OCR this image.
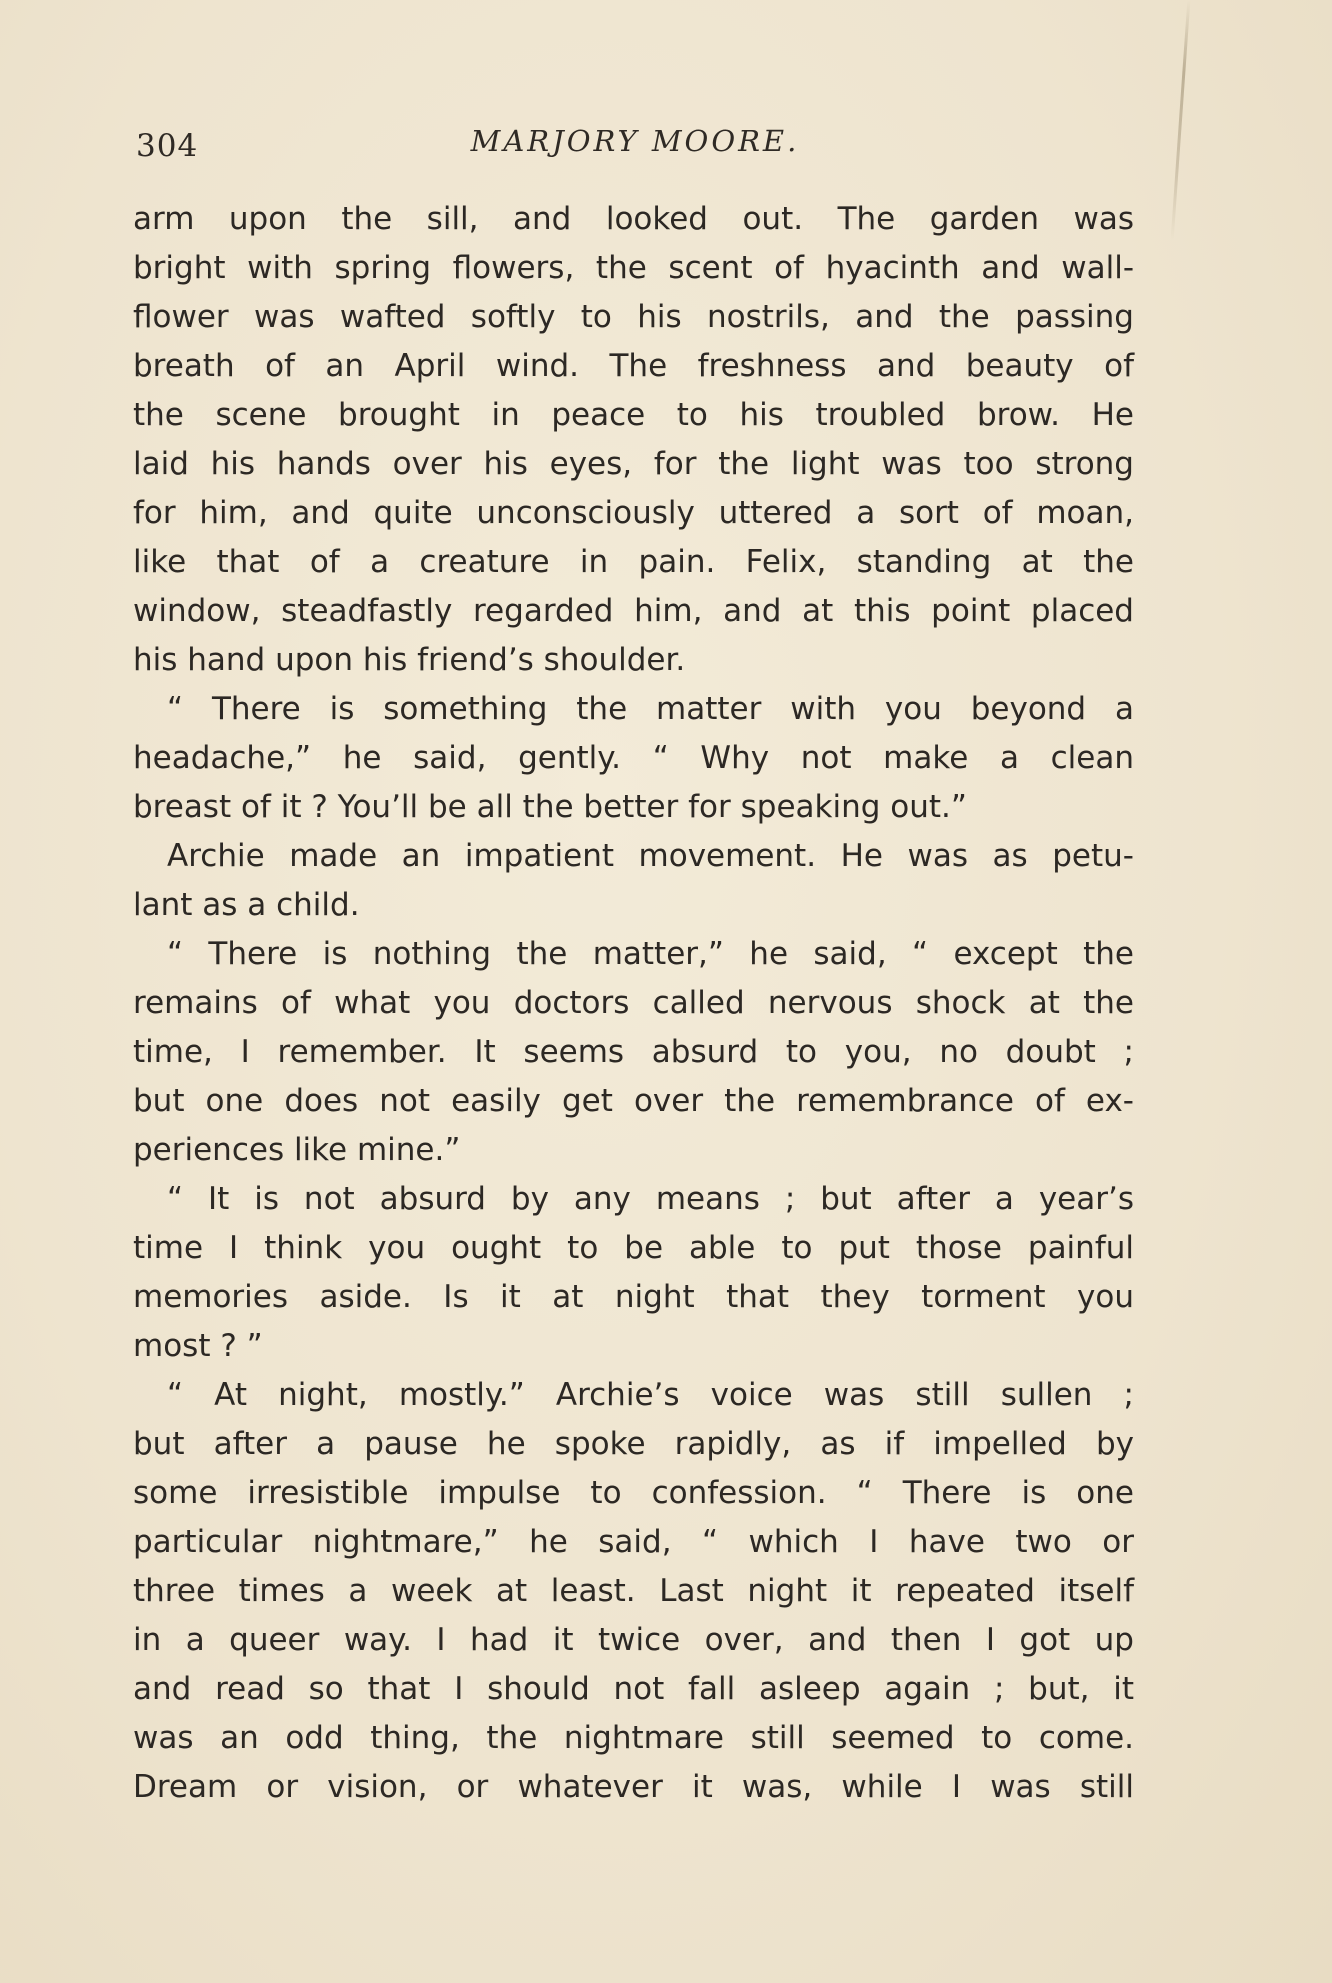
304	MARJORY MOORE.
arm upon the sill, and looked out. The garden was
bright with spring flowers, the scent of hyacinth and wall-
flower was wafted softly to his nostrils, and the passing
breath of an April wind. The freshness and beauty of
the scene brought in peace to his troubled brow. He
laid his hands over his eyes, for the light was too strong
for him, and quite unconsciously uttered a sort of moan,
like that of a creature in pain. Felix, standing at the
window, steadfastly regarded him, and at this point placed
his hand upon his friend’s shoulder.
“ There is something the matter with you beyond a
headache,” he said, gently. “ Why not make a clean
breast of it ? You’ll be all the better for speaking out.”
Archie made an impatient movement. He was as petu-
lant as a child.
“ There is nothing the matter,” he said, “ except the
remains of what you doctors called nervous shock at the
time, I remember. It seems absurd to you, no doubt ;
but one does not easily get over the remembrance of ex-
periences like mine.”
“ It is not absurd by any means ; but after a year’s
time I think you ought to be able to put those painful
memories aside. Is it at night that they torment you
most ? ”
“ At night, mostly.” Archie’s voice was still sullen ;
but after a pause he spoke rapidly, as if impelled by
some irresistible impulse to confession. “ There is one
particular nightmare,” he said, “ which I have two or
three times a week at least. Last night it repeated itself
in a queer way. I had it twice over, and then I got up
and read so that I should not fall asleep again ; but, it
was an odd thing, the nightmare still seemed to come.
Dream or vision, or whatever it was, while I was still
